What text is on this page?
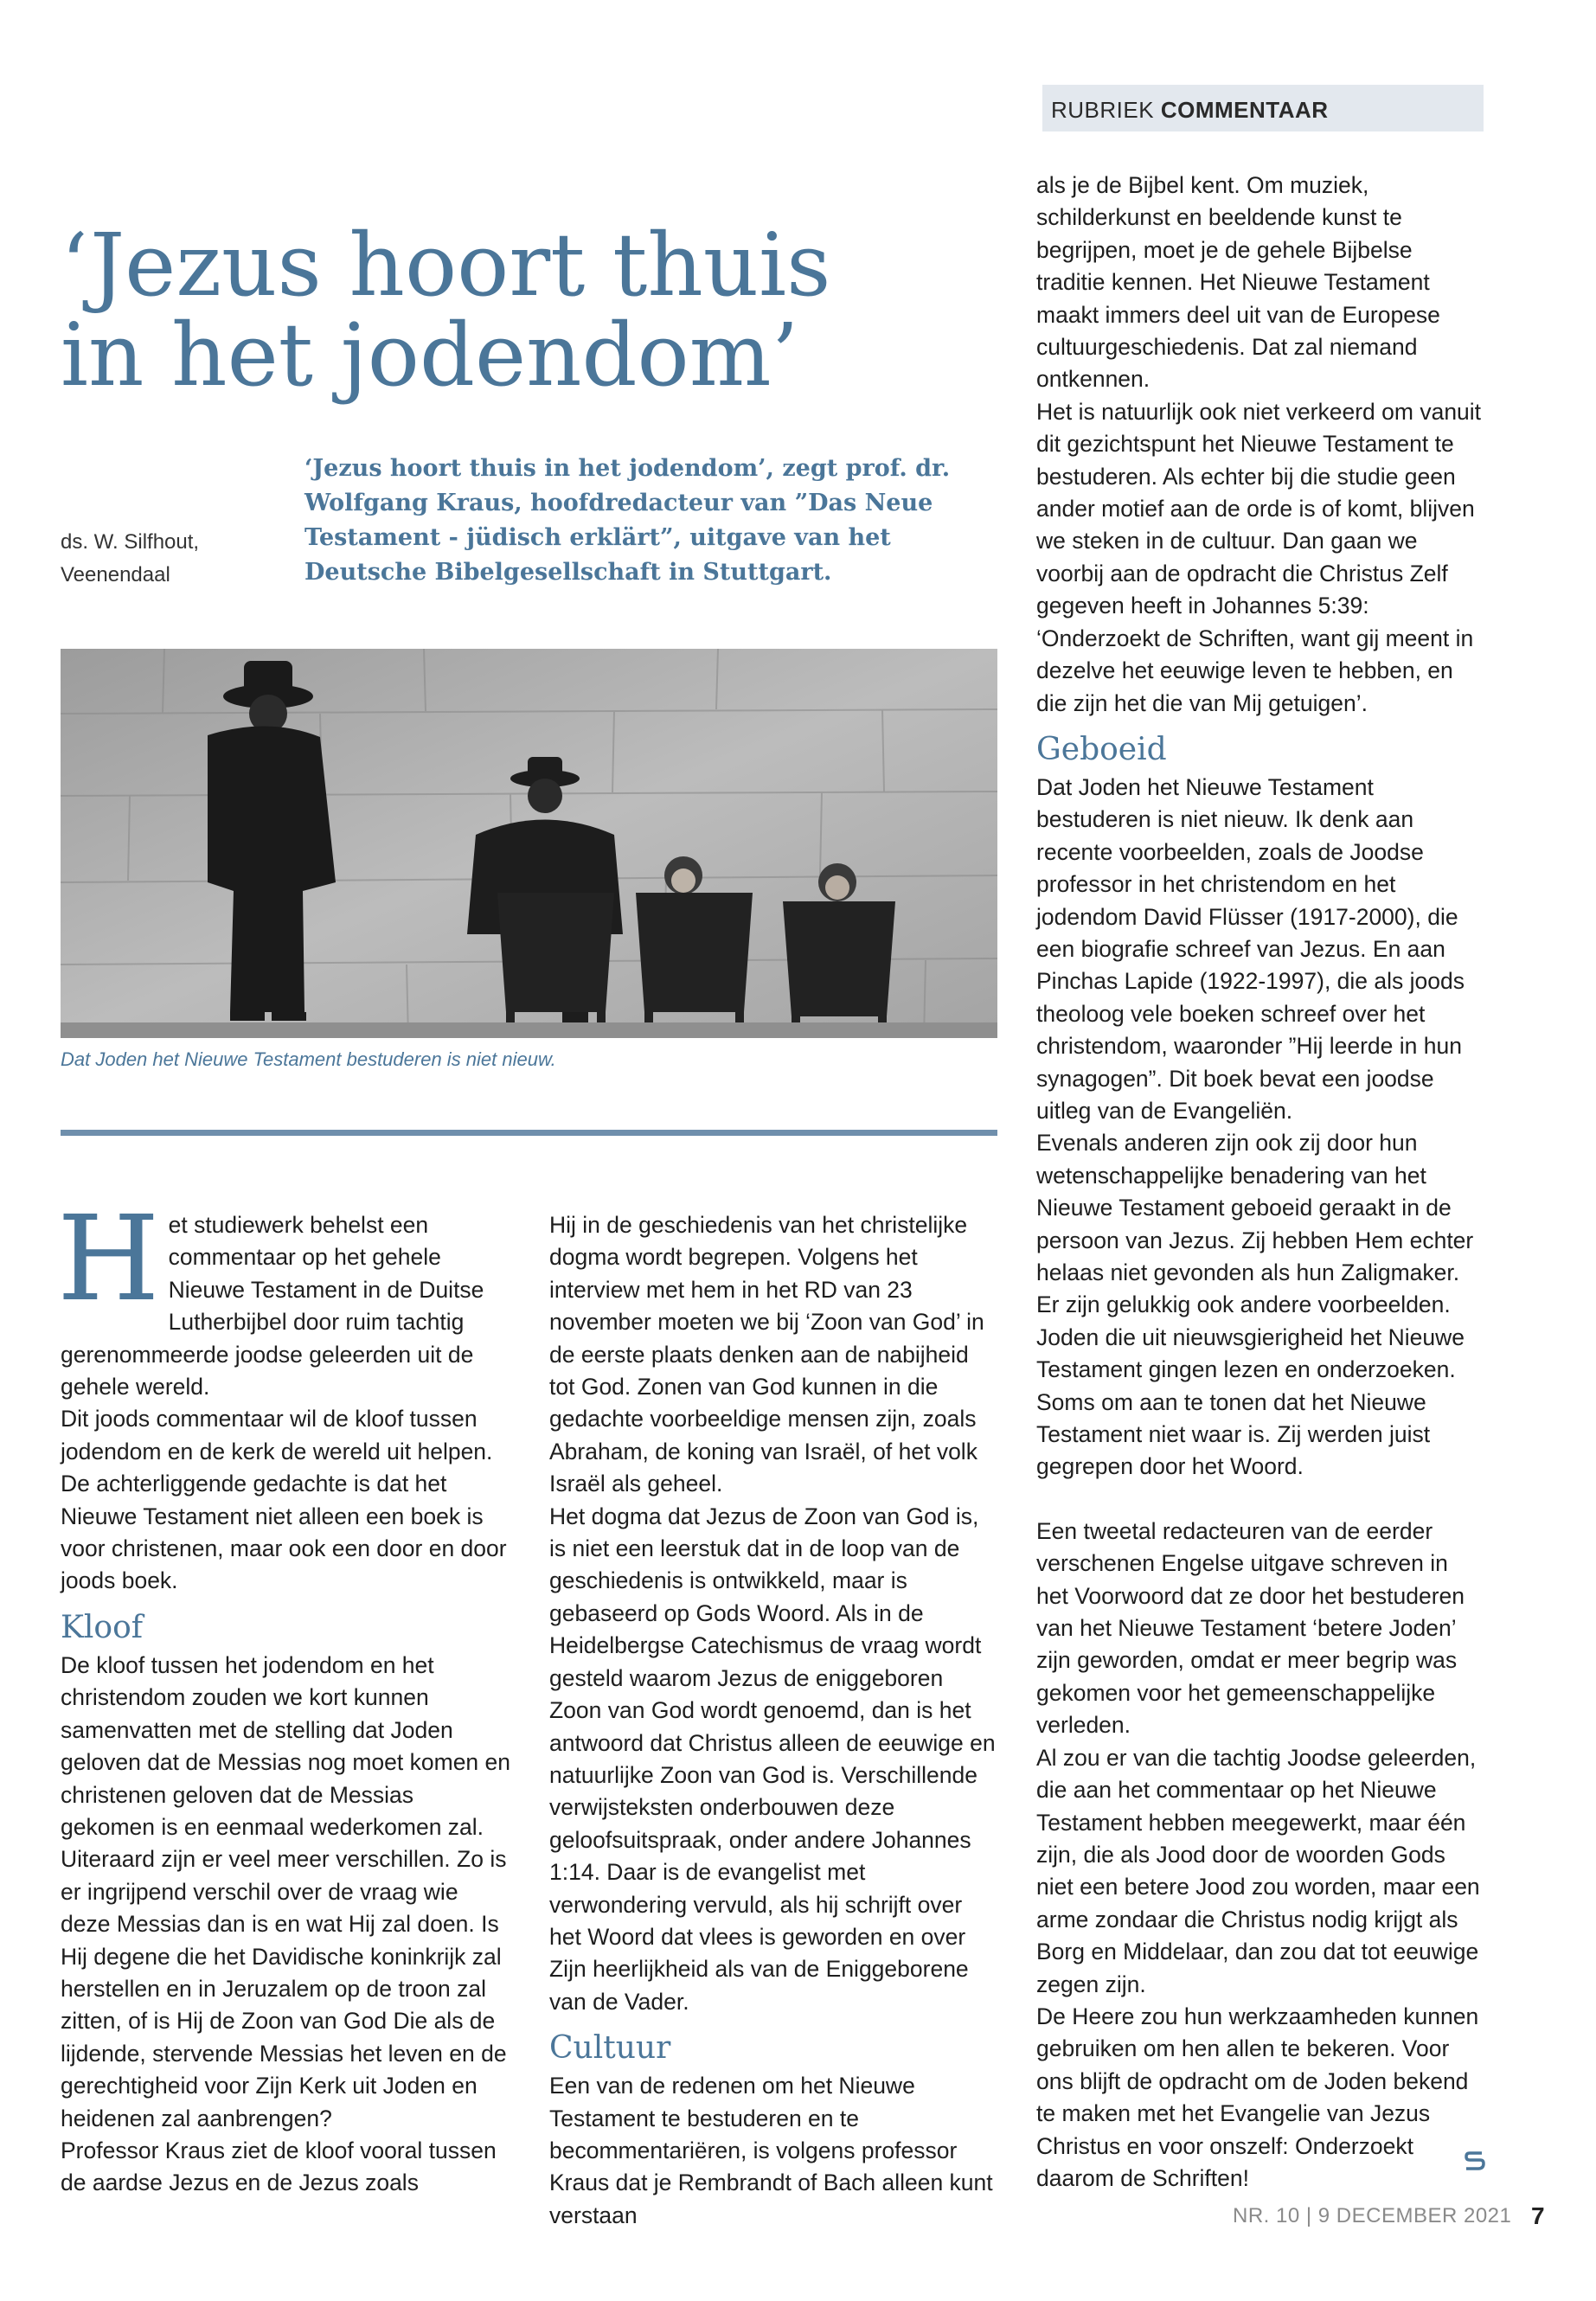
RUBRIEK COMMENTAAR
‘Jezus hoort thuis
in het jodendom’
ds. W. Silfhout,
Veenendaal
‘Jezus hoort thuis in het jodendom’, zegt prof. dr. Wolfgang Kraus, hoofdredacteur van ”Das Neue Testament - jüdisch erklärt”, uitgave van het Deutsche Bibelgesellschaft in Stuttgart.
Dat Joden het Nieuwe Testament bestuderen is niet nieuw.

Het studiewerk behelst een commentaar op het gehele Nieuwe Testament in de Duitse Lutherbijbel door ruim tachtig gerenommeerde joodse geleerden uit de gehele wereld.

Dit joods commentaar wil de kloof tussen jodendom en de kerk de wereld uit helpen.

De achterliggende gedachte is dat het Nieuwe Testament niet alleen een boek is voor christenen, maar ook een door en door joods boek.

Kloof

De kloof tussen het jodendom en het christendom zouden we kort kunnen samenvatten met de stelling dat Joden geloven dat de Messias nog moet komen en christenen geloven dat de Messias gekomen is en eenmaal wederkomen zal. Uiteraard zijn er veel meer verschillen. Zo is er ingrijpend verschil over de vraag wie deze Messias dan is en wat Hij zal doen. Is Hij degene die het Davidische koninkrijk zal herstellen en in Jeruzalem op de troon zal zitten, of is Hij de Zoon van God Die als de lijdende, stervende Messias het leven en de gerechtigheid voor Zijn Kerk uit Joden en heidenen zal aanbrengen?

Professor Kraus ziet de kloof vooral tussen de aardse Jezus en de Jezus zoals

Hij in de geschiedenis van het christelijke dogma wordt begrepen. Volgens het interview met hem in het RD van 23 november moeten we bij ‘Zoon van God’ in de eerste plaats denken aan de nabijheid tot God. Zonen van God kunnen in die gedachte voorbeeldige mensen zijn, zoals Abraham, de koning van Israël, of het volk Israël als geheel.

Het dogma dat Jezus de Zoon van God is, is niet een leerstuk dat in de loop van de geschiedenis is ontwikkeld, maar is gebaseerd op Gods Woord. Als in de Heidelbergse Catechismus de vraag wordt gesteld waarom Jezus de eniggeboren Zoon van God wordt genoemd, dan is het antwoord dat Christus alleen de eeuwige en natuurlijke Zoon van God is. Verschillende verwijsteksten onderbouwen deze geloofsuitspraak, onder andere Johannes 1:14. Daar is de evangelist met verwondering vervuld, als hij schrijft over het Woord dat vlees is geworden en over Zijn heerlijkheid als van de Eniggeborene van de Vader.

Cultuur

Een van de redenen om het Nieuwe Testament te bestuderen en te becommentariëren, is volgens professor Kraus dat je Rembrandt of Bach alleen kunt verstaan

als je de Bijbel kent. Om muziek, schilderkunst en beeldende kunst te begrijpen, moet je de gehele Bijbelse traditie kennen. Het Nieuwe Testament maakt immers deel uit van de Europese cultuurgeschiedenis. Dat zal niemand ontkennen.

Het is natuurlijk ook niet verkeerd om vanuit dit gezichtspunt het Nieuwe Testament te bestuderen. Als echter bij die studie geen ander motief aan de orde is of komt, blijven we steken in de cultuur. Dan gaan we voorbij aan de opdracht die Christus Zelf gegeven heeft in Johannes 5:39: ‘Onderzoekt de Schriften, want gij meent in dezelve het eeuwige leven te hebben, en die zijn het die van Mij getuigen’.

Geboeid

Dat Joden het Nieuwe Testament bestuderen is niet nieuw. Ik denk aan recente voorbeelden, zoals de Joodse professor in het christendom en het jodendom David Flüsser (1917-2000), die een biografie schreef van Jezus. En aan Pinchas Lapide (1922-1997), die als joods theoloog vele boeken schreef over het christendom, waaronder ”Hij leerde in hun synagogen”. Dit boek bevat een joodse uitleg van de Evangeliën.

Evenals anderen zijn ook zij door hun wetenschappelijke benadering van het Nieuwe Testament geboeid geraakt in de persoon van Jezus. Zij hebben Hem echter helaas niet gevonden als hun Zaligmaker. Er zijn gelukkig ook andere voorbeelden. Joden die uit nieuwsgierigheid het Nieuwe Testament gingen lezen en onderzoeken. Soms om aan te tonen dat het Nieuwe Testament niet waar is. Zij werden juist gegrepen door het Woord.

Een tweetal redacteuren van de eerder verschenen Engelse uitgave schreven in het Voorwoord dat ze door het bestuderen van het Nieuwe Testament ‘betere Joden’ zijn geworden, omdat er meer begrip was gekomen voor het gemeenschappelijke verleden.

Al zou er van die tachtig Joodse geleerden, die aan het commentaar op het Nieuwe Testament hebben meegewerkt, maar één zijn, die als Jood door de woorden Gods niet een betere Jood zou worden, maar een arme zondaar die Christus nodig krijgt als Borg en Middelaar, dan zou dat tot eeuwige zegen zijn.

De Heere zou hun werkzaamheden kunnen gebruiken om hen allen te bekeren. Voor ons blijft de opdracht om de Joden bekend te maken met het Evangelie van Jezus Christus en voor onszelf: Onderzoekt daarom de Schriften!

NR. 10 | 9 DECEMBER 2021 7
